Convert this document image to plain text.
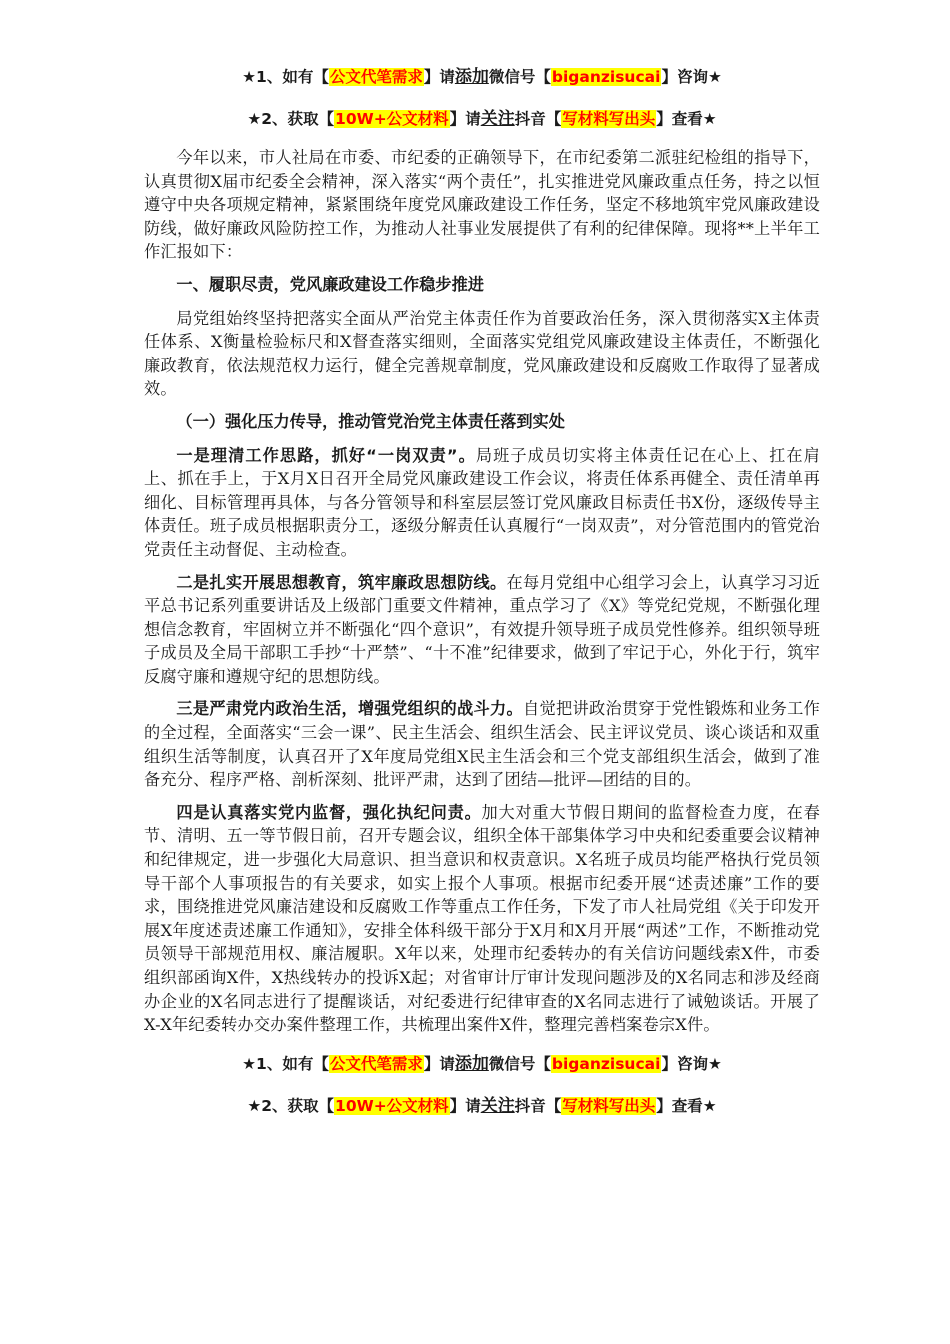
★1、如有【公文代笔需求】请添加微信号【biganzisucai】咨询★

★2、获取【10W+公文材料】请关注抖音【写材料写出头】查看★

今年以来，市人社局在市委、市纪委的正确领导下，在市纪委第二派驻纪检组的指导下，认真贯彻X届市纪委全会精神，深入落实“两个责任”，扎实推进党风廉政重点任务，持之以恒遵守中央各项规定精神，紧紧围绕年度党风廉政建设工作任务，坚定不移地筑牢党风廉政建设防线，做好廉政风险防控工作，为推动人社事业发展提供了有利的纪律保障。现将**上半年工作汇报如下：

一、履职尽责，党风廉政建设工作稳步推进

局党组始终坚持把落实全面从严治党主体责任作为首要政治任务，深入贯彻落实X主体责任体系、X衡量检验标尺和X督查落实细则，全面落实党组党风廉政建设主体责任，不断强化廉政教育，依法规范权力运行，健全完善规章制度，党风廉政建设和反腐败工作取得了显著成效。

（一）强化压力传导，推动管党治党主体责任落到实处

一是理清工作思路，抓好“一岗双责”。局班子成员切实将主体责任记在心上、扛在肩上、抓在手上，于X月X日召开全局党风廉政建设工作会议，将责任体系再健全、责任清单再细化、目标管理再具体，与各分管领导和科室层层签订党风廉政目标责任书X份，逐级传导主体责任。班子成员根据职责分工，逐级分解责任认真履行“一岗双责”，对分管范围内的管党治党责任主动督促、主动检查。

二是扎实开展思想教育，筑牢廉政思想防线。在每月党组中心组学习会上，认真学习习近平总书记系列重要讲话及上级部门重要文件精神，重点学习了《X》等党纪党规，不断强化理想信念教育，牢固树立并不断强化“四个意识”，有效提升领导班子成员党性修养。组织领导班子成员及全局干部职工手抄“十严禁”、“十不准”纪律要求，做到了牢记于心，外化于行，筑牢反腐守廉和遵规守纪的思想防线。

三是严肃党内政治生活，增强党组织的战斗力。自觉把讲政治贯穿于党性锻炼和业务工作的全过程，全面落实“三会一课”、民主生活会、组织生活会、民主评议党员、谈心谈话和双重组织生活等制度，认真召开了X年度局党组X民主生活会和三个党支部组织生活会，做到了准备充分、程序严格、剖析深刻、批评严肃，达到了团结—批评—团结的目的。

四是认真落实党内监督，强化执纪问责。加大对重大节假日期间的监督检查力度，在春节、清明、五一等节假日前，召开专题会议，组织全体干部集体学习中央和纪委重要会议精神和纪律规定，进一步强化大局意识、担当意识和权责意识。X名班子成员均能严格执行党员领导干部个人事项报告的有关要求，如实上报个人事项。根据市纪委开展“述责述廉”工作的要求，围绕推进党风廉洁建设和反腐败工作等重点工作任务，下发了市人社局党组《关于印发开展X年度述责述廉工作通知》，安排全体科级干部分于X月和X月开展“两述”工作，不断推动党员领导干部规范用权、廉洁履职。X年以来，处理市纪委转办的有关信访问题线索X件，市委组织部函询X件，X热线转办的投诉X起；对省审计厅审计发现问题涉及的X名同志和涉及经商办企业的X名同志进行了提醒谈话，对纪委进行纪律审查的X名同志进行了诫勉谈话。开展了X-X年纪委转办交办案件整理工作，共梳理出案件X件，整理完善档案卷宗X件。

★1、如有【公文代笔需求】请添加微信号【biganzisucai】咨询★

★2、获取【10W+公文材料】请关注抖音【写材料写出头】查看★
